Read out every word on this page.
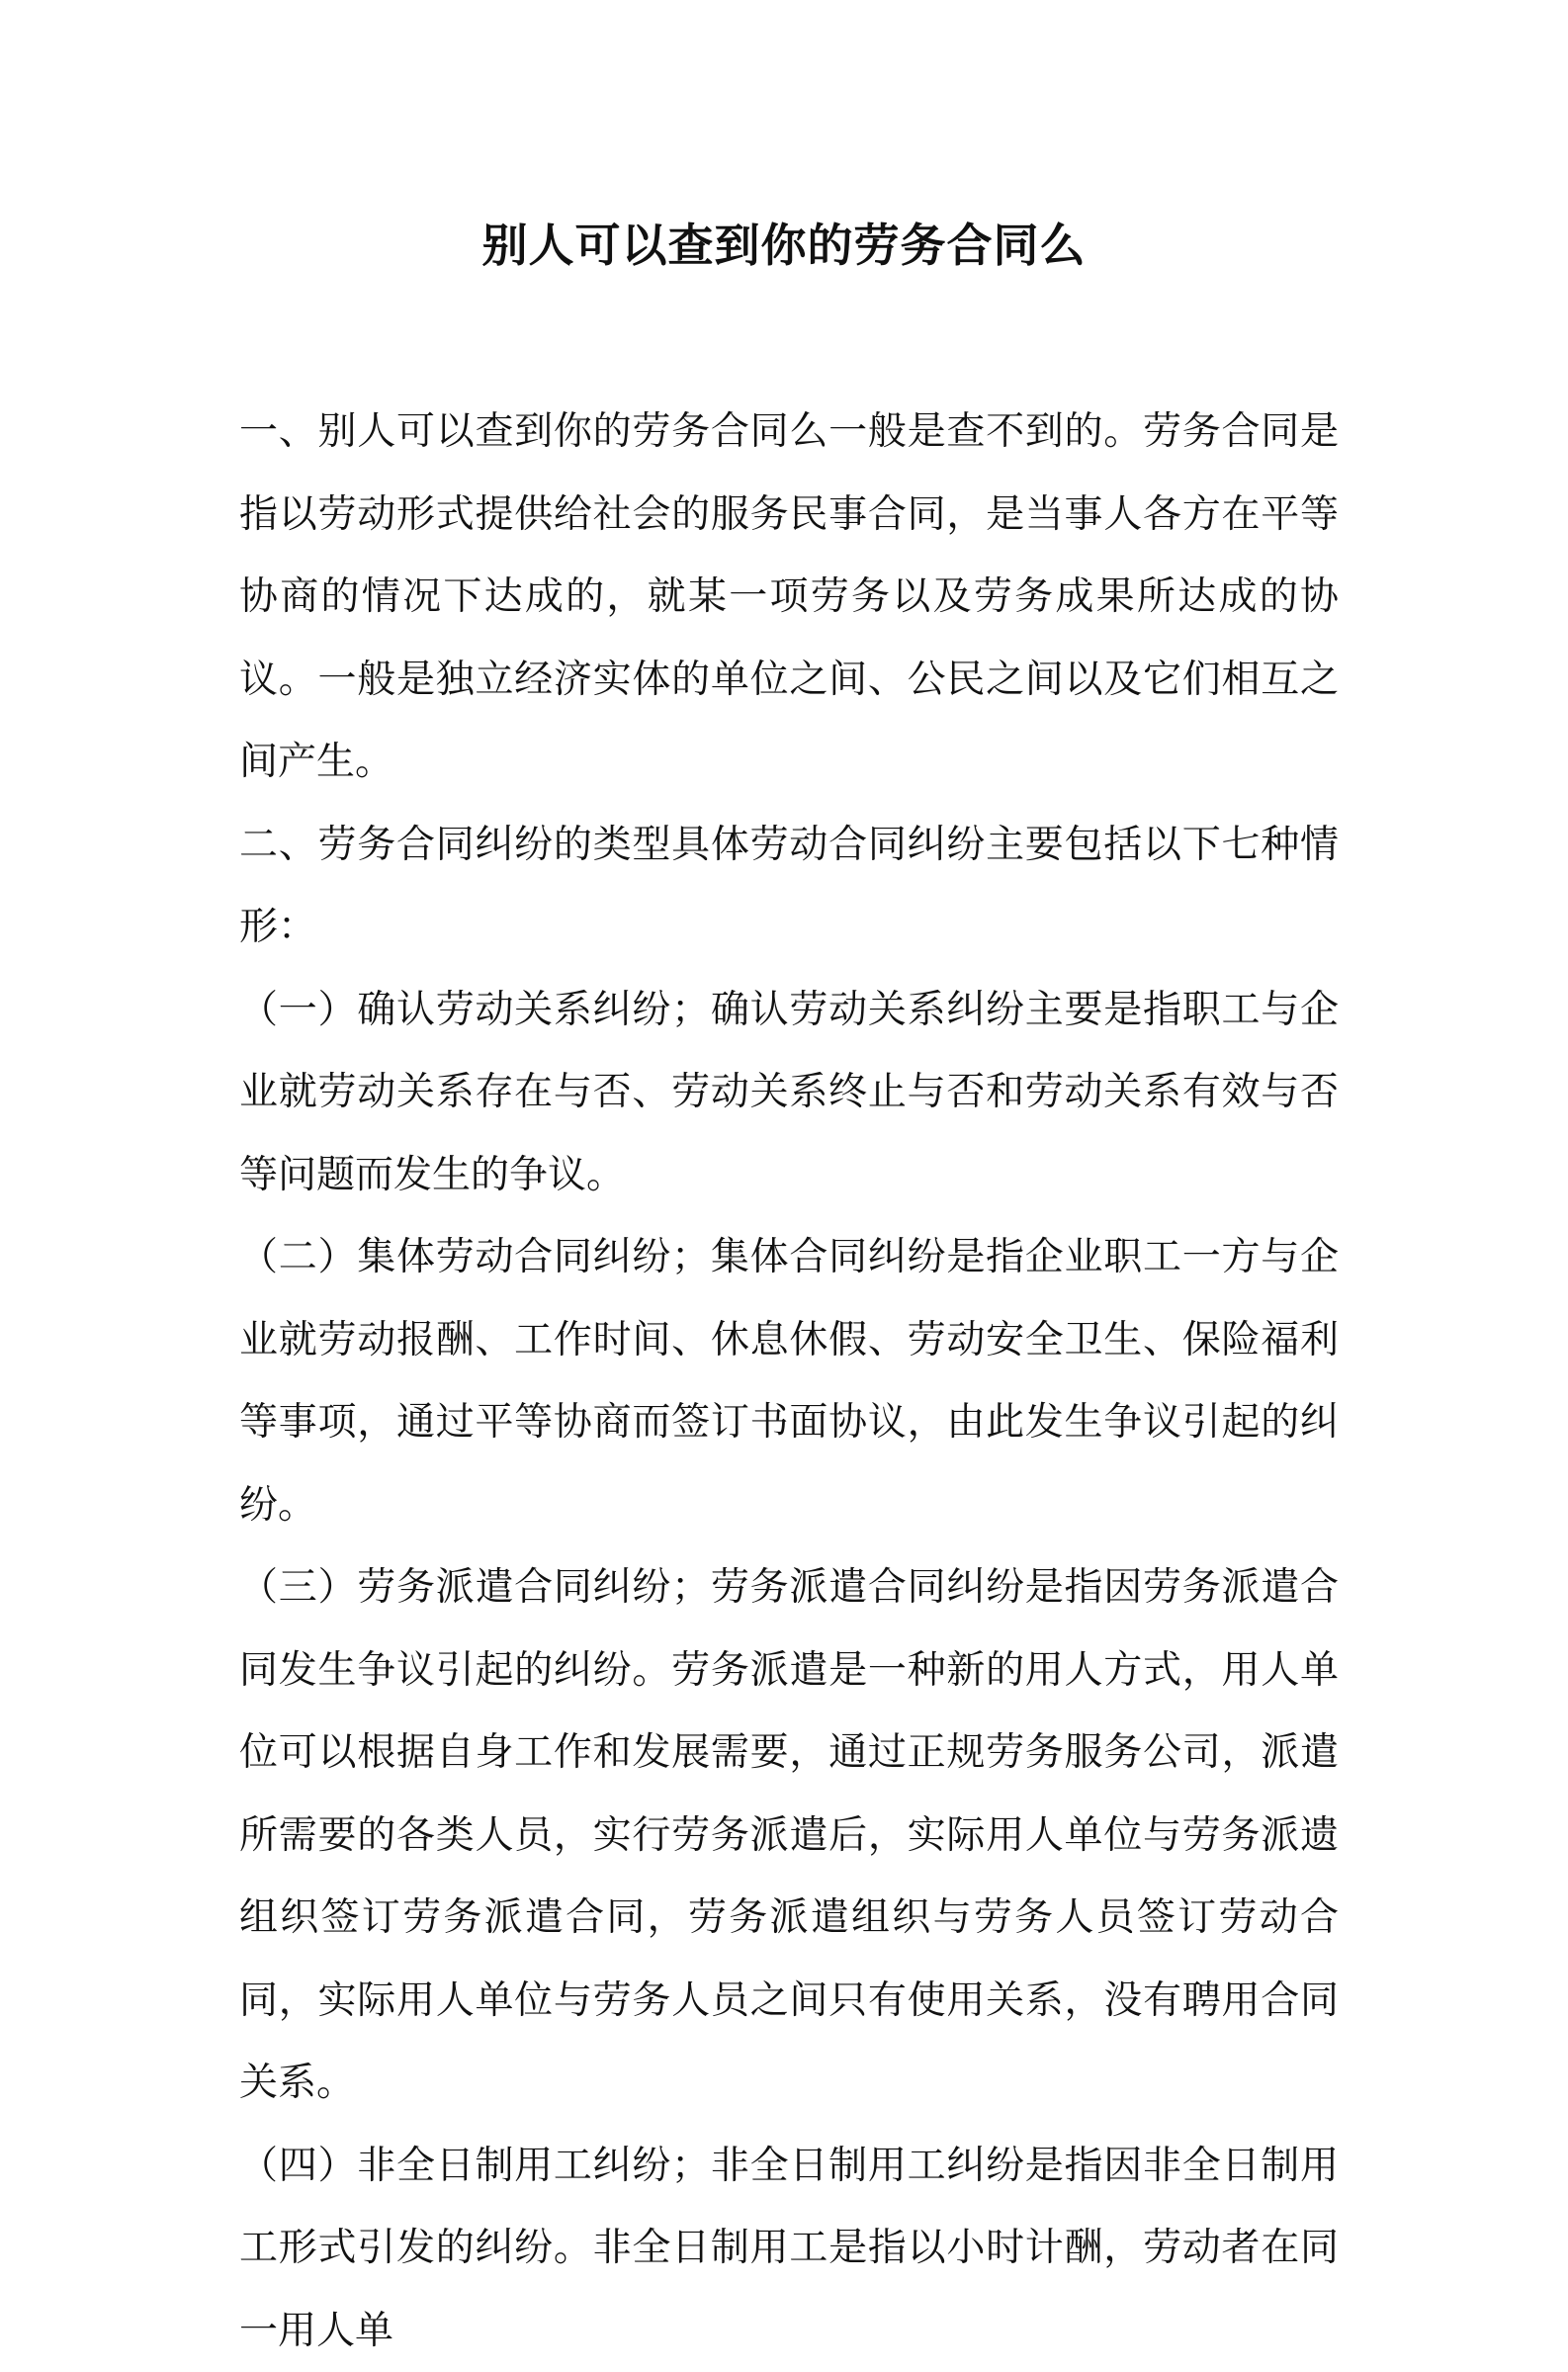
别人可以查到你的劳务合同么

一、别人可以查到你的劳务合同么一般是查不到的。劳务合同是指以劳动形式提供给社会的服务民事合同，是当事人各方在平等协商的情况下达成的，就某一项劳务以及劳务成果所达成的协议。一般是独立经济实体的单位之间、公民之间以及它们相互之间产生。

二、劳务合同纠纷的类型具体劳动合同纠纷主要包括以下七种情形：

（一）确认劳动关系纠纷；确认劳动关系纠纷主要是指职工与企业就劳动关系存在与否、劳动关系终止与否和劳动关系有效与否等问题而发生的争议。

（二）集体劳动合同纠纷；集体合同纠纷是指企业职工一方与企业就劳动报酬、工作时间、休息休假、劳动安全卫生、保险福利等事项，通过平等协商而签订书面协议，由此发生争议引起的纠纷。

（三）劳务派遣合同纠纷；劳务派遣合同纠纷是指因劳务派遣合同发生争议引起的纠纷。劳务派遣是一种新的用人方式，用人单位可以根据自身工作和发展需要，通过正规劳务服务公司，派遣所需要的各类人员，实行劳务派遣后，实际用人单位与劳务派遗组织签订劳务派遣合同，劳务派遣组织与劳务人员签订劳动合同，实际用人单位与劳务人员之间只有使用关系，没有聘用合同关系。

（四）非全日制用工纠纷；非全日制用工纠纷是指因非全日制用工形式引发的纠纷。非全日制用工是指以小时计酬，劳动者在同一用人单
